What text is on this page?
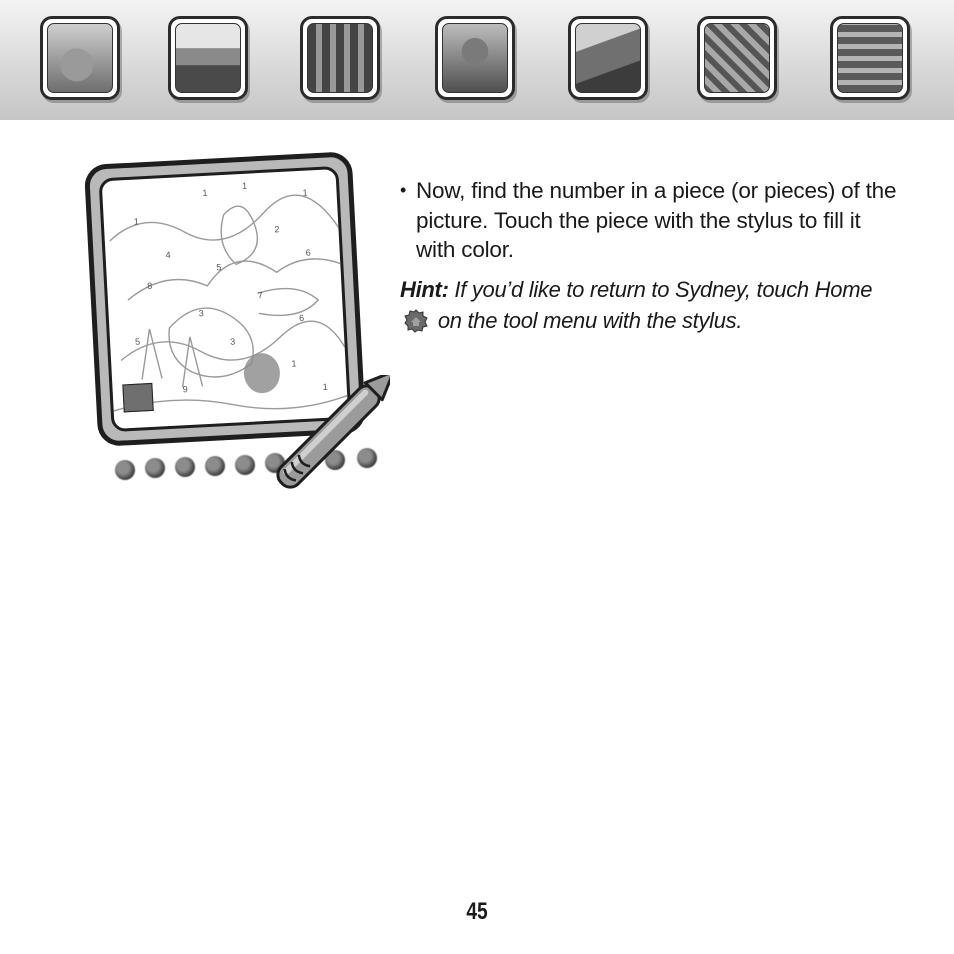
1
1
1
1
2
4	6
5
8
7
3	6
5	3
1
9	1

• Now, find the number in a piece (or pieces) of the picture. Touch the piece with the stylus to fill it with color.

Hint: If you’d like to return to Sydney, touch Home  on the tool menu with the stylus.

45
